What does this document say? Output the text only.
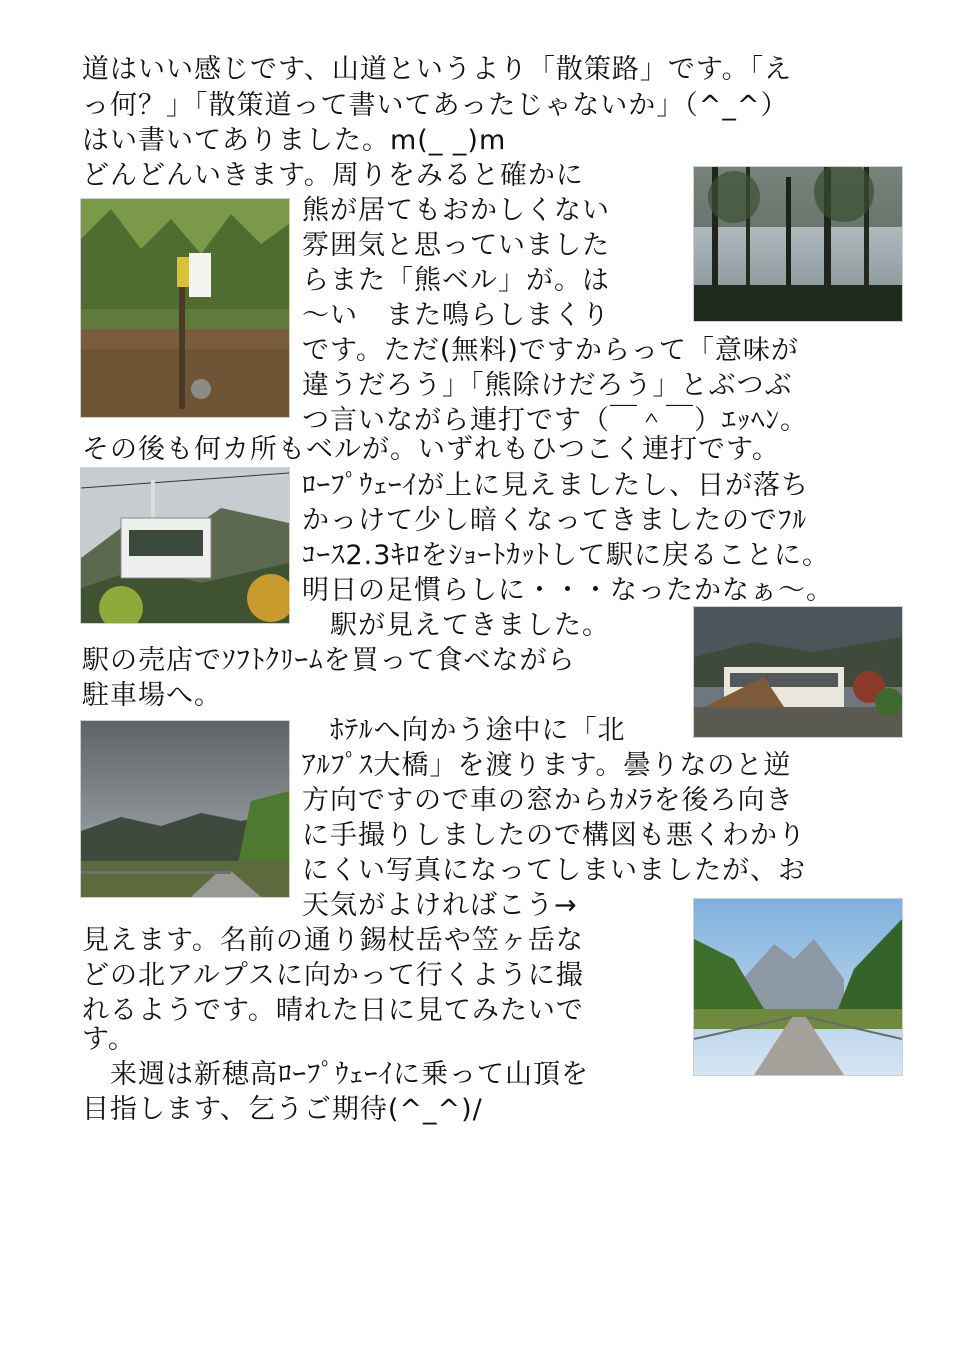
道はいい感じです、山道というより「散策路」です。「え
っ何？」「散策道って書いてあったじゃないか」（^_^）
はい書いてありました。m(_ _)m
どんどんいきます。周りをみると確かに
熊が居てもおかしくない
雰囲気と思っていました
らまた「熊ベル」が。は
～い　また鳴らしまくり
です。ただ(無料)ですからって「意味が
違うだろう」「熊除けだろう」とぶつぶ
つ言いながら連打です（￣＾￣）ｴｯﾍﾝ。
その後も何カ所もベルが。いずれもひつこく連打です。
ﾛｰﾌﾟｳｪｰｲが上に見えましたし、日が落ち
かっけて少し暗くなってきましたのでﾌﾙ
ｺｰｽ2.3ｷﾛをｼｮｰﾄｶｯﾄして駅に戻ることに。
明日の足慣らしに・・・なったかなぁ～。
駅が見えてきました。
駅の売店でｿﾌﾄｸﾘｰﾑを買って食べながら
駐車場へ。
ﾎﾃﾙへ向かう途中に「北
ｱﾙﾌﾟｽ大橋」を渡ります。曇りなのと逆
方向ですので車の窓からｶﾒﾗを後ろ向き
に手撮りしましたので構図も悪くわかり
にくい写真になってしまいましたが、お
天気がよければこう→
見えます。名前の通り錫杖岳や笠ヶ岳な
どの北アルプスに向かって行くように撮
れるようです。晴れた日に見てみたいで
す。
来週は新穂高ﾛｰﾌﾟｳｪｰｲに乗って山頂を
目指します、乞うご期待(^_^)/
